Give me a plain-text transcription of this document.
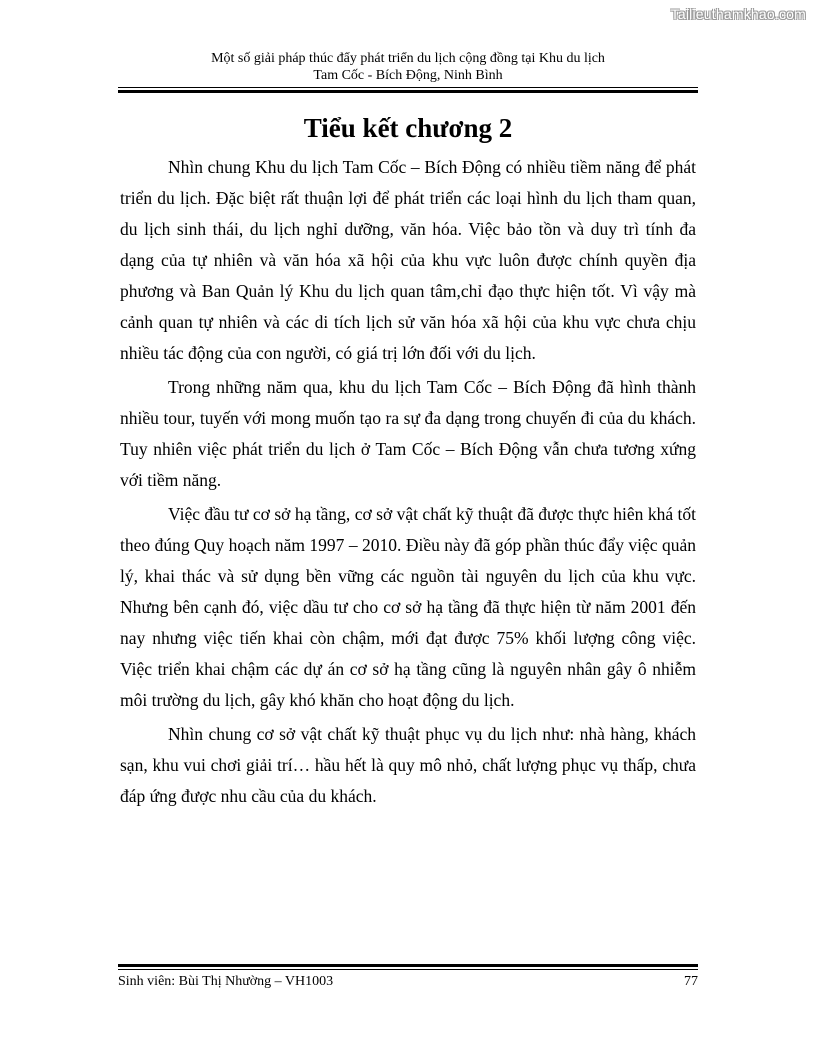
Tailieuthamkhao.com
Một số giải pháp thúc đẩy phát triển du lịch cộng đồng tại Khu du lịch
Tam Cốc - Bích Động, Ninh Bình
Tiểu kết chương 2

Nhìn chung Khu du lịch Tam Cốc – Bích Động có nhiều tiềm năng để phát triển du lịch. Đặc biệt rất thuận lợi để phát triển các loại hình du lịch tham quan, du lịch sinh thái, du lịch nghỉ dưỡng, văn hóa. Việc bảo tồn và duy trì tính đa dạng của tự nhiên và văn hóa xã hội của khu vực luôn được chính quyền địa phương và Ban Quản lý Khu du lịch quan tâm,chỉ đạo thực hiện tốt. Vì vậy mà cảnh quan tự nhiên và các di tích lịch sử văn hóa xã hội của khu vực chưa chịu nhiều tác động của con người, có giá trị lớn đối với du lịch.

Trong những năm qua, khu du lịch Tam Cốc – Bích Động đã hình thành nhiều tour, tuyến với mong muốn tạo ra sự đa dạng trong chuyến đi của du khách. Tuy nhiên việc phát triển du lịch ở Tam Cốc – Bích Động vẫn chưa tương xứng với tiềm năng.

Việc đầu tư cơ sở hạ tầng, cơ sở vật chất kỹ thuật đã được thực hiên khá tốt theo đúng Quy hoạch năm 1997 – 2010. Điều này đã góp phần thúc đẩy việc quản lý, khai thác và sử dụng bền vững các nguồn tài nguyên du lịch của khu vực. Nhưng bên cạnh đó, việc dầu tư cho cơ sở hạ tầng đã thực hiện từ năm 2001 đến nay nhưng việc tiến khai còn chậm, mới đạt được 75% khối lượng công việc. Việc triển khai chậm các dự án cơ sở hạ tầng cũng là nguyên nhân gây ô nhiễm môi trường du lịch, gây khó khăn cho hoạt động du lịch.

Nhìn chung cơ sở vật chất kỹ thuật phục vụ du lịch như: nhà hàng, khách sạn, khu vui chơi giải trí… hầu hết là quy mô nhỏ, chất lượng phục vụ thấp, chưa đáp ứng được nhu cầu của du khách.

Sinh viên: Bùi Thị Nhường – VH1003	77
